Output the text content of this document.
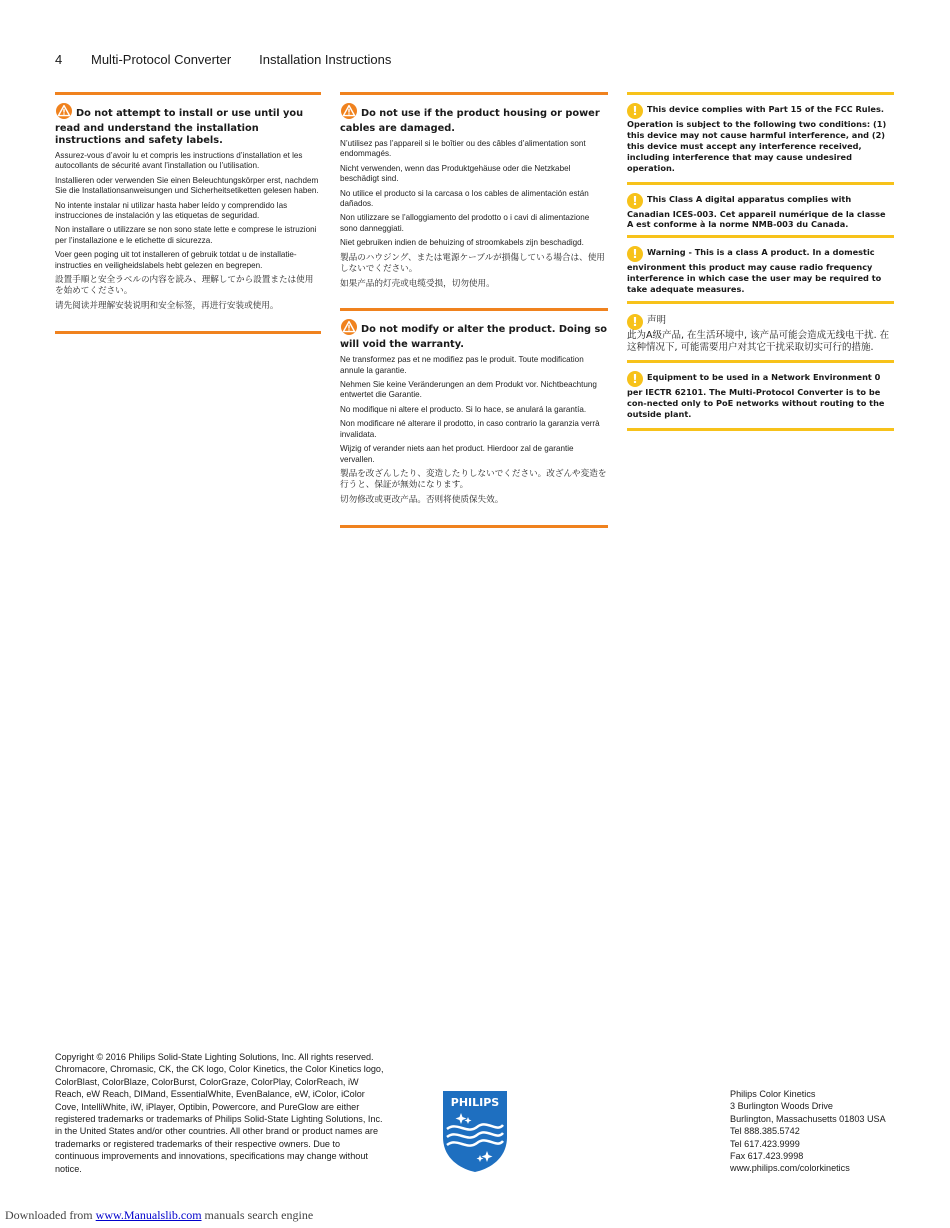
4 Multi-Protocol Converter Installation Instructions
Do not attempt to install or use until you read and understand the installation instructions and safety labels.

Assurez-vous d’avoir lu et compris les instructions d’installation et les autocollants de sécurité avant l’installation ou l’utilisation.

Installieren oder verwenden Sie einen Beleuchtungskörper erst, nachdem Sie die Installationsanweisungen und Sicherheitsetiketten gelesen haben.

No intente instalar ni utilizar hasta haber leído y comprendido las instrucciones de instalación y las etiquetas de seguridad.

Non installare o utilizzare se non sono state lette e comprese le istruzioni per l’installazione e le etichette di sicurezza.

Voer geen poging uit tot installeren of gebruik totdat u de installatie-instructies en veiligheidslabels hebt gelezen en begrepen.

設置手順と安全ラベルの内容を読み、理解してから設置または使用を始めてください。

请先阅读并理解安装说明和安全标签，再进行安装或使用。

Do not use if the product housing or power cables are damaged.

N’utilisez pas l’appareil si le boîtier ou des câbles d’alimentation sont endommagés.

Nicht verwenden, wenn das Produktgehäuse oder die Netzkabel beschädigt sind.

No utilice el producto si la carcasa o los cables de alimentación están dañados.

Non utilizzare se l’alloggiamento del prodotto o i cavi di alimentazione sono danneggiati.

Niet gebruiken indien de behuizing of stroomkabels zijn beschadigd.

製品のハウジング、または電源ケーブルが損傷している場合は、使用しないでください。

如果产品的灯壳或电缆受损，切勿使用。

Do not modify or alter the product. Doing so will void the warranty.

Ne transformez pas et ne modifiez pas le produit. Toute modification annule la garantie.

Nehmen Sie keine Veränderungen an dem Produkt vor. Nichtbeachtung entwertet die Garantie.

No modifique ni altere el producto. Si lo hace, se anulará la garantía.

Non modificare né alterare il prodotto, in caso contrario la garanzia verrà invalidata.

Wijzig of verander niets aan het product. Hierdoor zal de garantie vervallen.

製品を改ざんしたり、変造したりしないでください。改ざんや変造を行うと、保証が無効になります。

切勿修改或更改产品。否则将使质保失效。

! This device complies with Part 15 of the FCC Rules. Operation is subject to the following two conditions: (1) this device may not cause harmful interference, and (2) this device must accept any interference received, including interference that may cause undesired operation.

! This Class A digital apparatus complies with Canadian ICES-003. Cet appareil numérique de la classe A est conforme à la norme NMB-003 du Canada.

! Warning - This is a class A product. In a domestic environment this product may cause radio frequency interference in which case the user may be required to take adequate measures.

! 声明

此为A级产品, 在生活环境中, 该产品可能会造成无线电干扰. 在这种情况下, 可能需要用户对其它干扰采取切实可行的措施.

! Equipment to be used in a Network Environment 0 per IECTR 62101. The Multi-Protocol Converter is to be con-nected only to PoE networks without routing to the outside plant.

Copyright © 2016 Philips Solid-State Lighting Solutions, Inc. All rights reserved. Chromacore, Chromasic, CK, the CK logo, Color Kinetics, the Color Kinetics logo, ColorBlast, ColorBlaze, ColorBurst, ColorGraze, ColorPlay, ColorReach, iW Reach, eW Reach, DIMand, EssentialWhite, EvenBalance, eW, iColor, iColor Cove, IntelliWhite, iW, iPlayer, Optibin, Powercore, and PureGlow are either registered trademarks or trademarks of Philips Solid-State Lighting Solutions, Inc. in the United States and/or other countries. All other brand or product names are trademarks or registered trademarks of their respective owners. Due to continuous improvements and innovations, specifications may change without notice.

PHILIPS
Philips Color Kinetics
3 Burlington Woods Drive
Burlington, Massachusetts 01803 USA
Tel 888.385.5742
Tel 617.423.9999
Fax 617.423.9998
www.philips.com/colorkinetics
Downloaded from www.Manualslib.com manuals search engine
